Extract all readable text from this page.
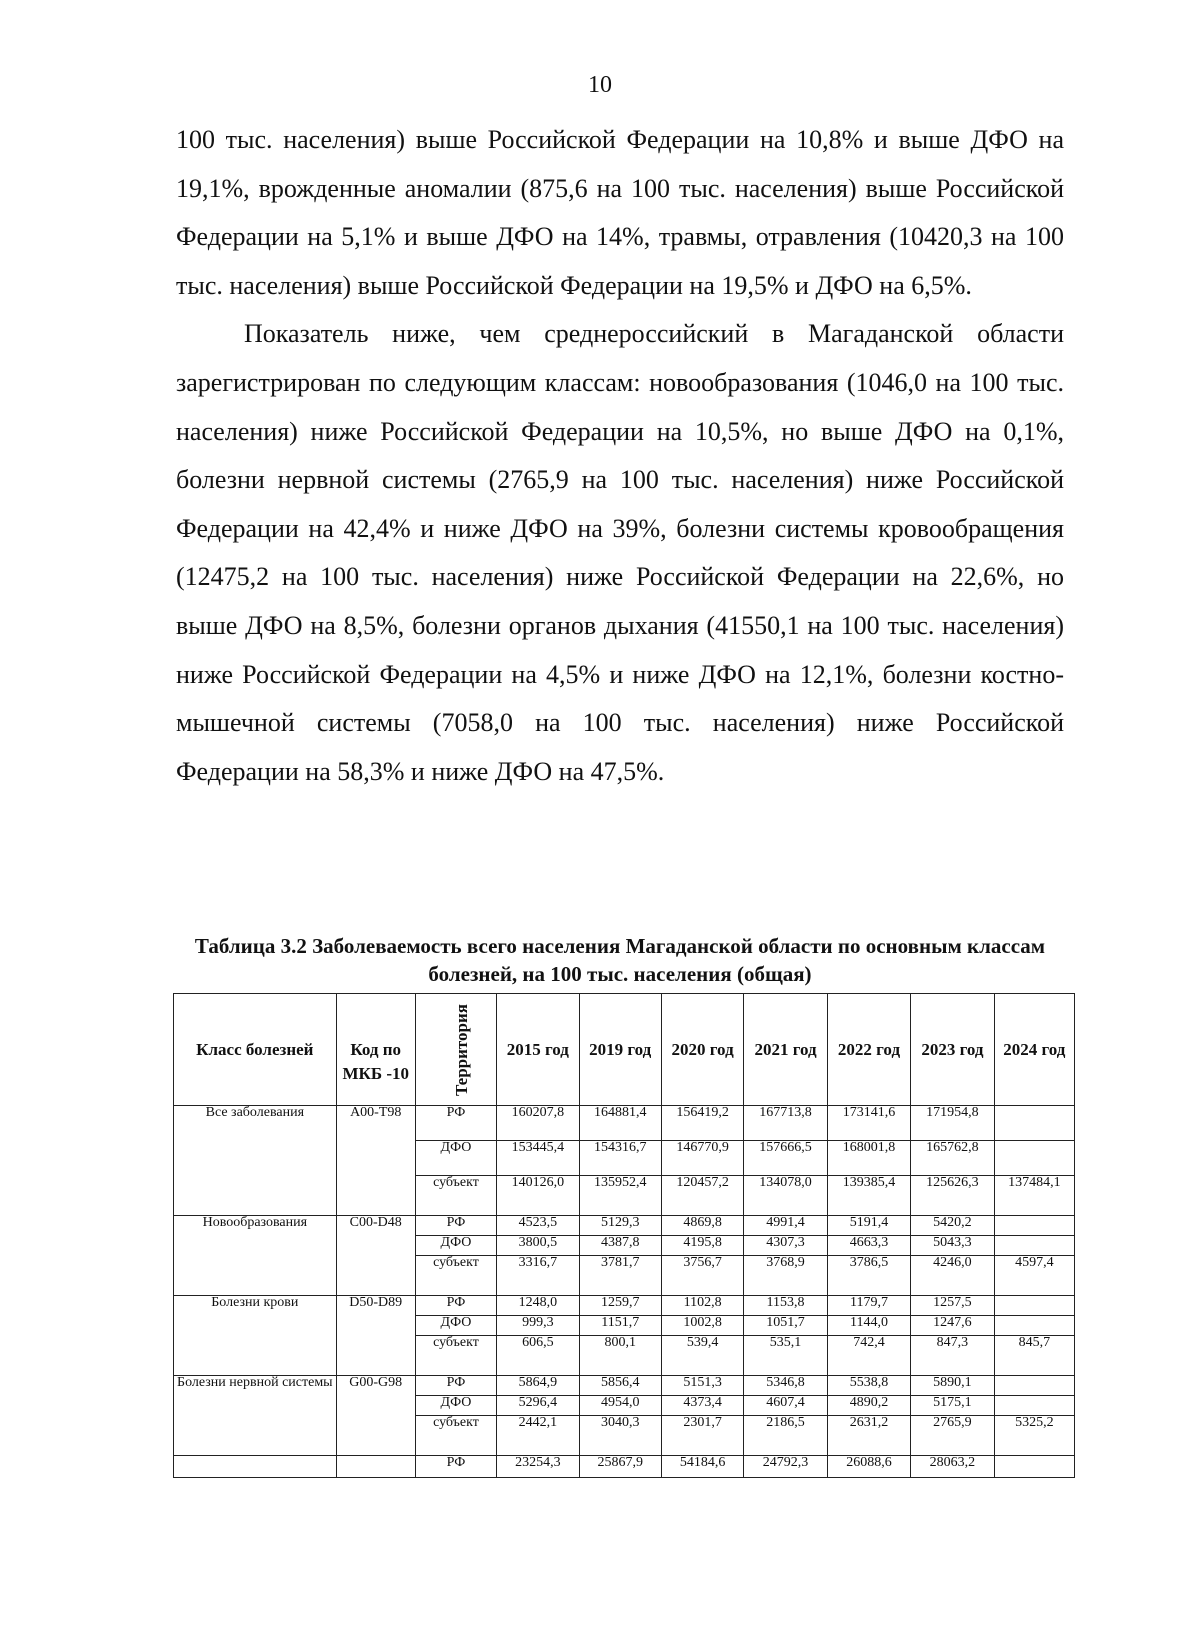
10

100 тыс. населения) выше Российской Федерации на 10,8% и выше ДФО на 19,1%, врожденные аномалии (875,6 на 100 тыс. населения) выше Российской Федерации на 5,1% и выше ДФО на 14%, травмы, отравления (10420,3 на 100 тыс. населения) выше Российской Федерации на 19,5% и ДФО на 6,5%.

Показатель ниже, чем среднероссийский в Магаданской области зарегистрирован по следующим классам: новообразования (1046,0 на 100 тыс. населения) ниже Российской Федерации на 10,5%, но выше ДФО на 0,1%, болезни нервной системы (2765,9 на 100 тыс. населения) ниже Российской Федерации на 42,4% и ниже ДФО на 39%, болезни системы кровообращения (12475,2 на 100 тыс. населения) ниже Российской Федерации на 22,6%, но выше ДФО на 8,5%, болезни органов дыхания (41550,1 на 100 тыс. населения) ниже Российской Федерации на 4,5% и ниже ДФО на 12,1%, болезни костно-мышечной системы (7058,0 на 100 тыс. населения) ниже Российской Федерации на 58,3% и ниже ДФО на 47,5%.

Таблица 3.2 Заболеваемость всего населения Магаданской области по основным классам болезней, на 100 тыс. населения (общая)
Класс болезней	Код по МКБ -10	Территория	2015 год	2019 год	2020 год	2021 год	2022 год	2023 год	2024 год
Все заболевания	А00-Т98	РФ	160207,8	164881,4	156419,2	167713,8	173141,6	171954,8	
		ДФО	153445,4	154316,7	146770,9	157666,5	168001,8	165762,8	
		субъект	140126,0	135952,4	120457,2	134078,0	139385,4	125626,3	137484,1
Новообразования	С00-D48	РФ	4523,5	5129,3	4869,8	4991,4	5191,4	5420,2	
		ДФО	3800,5	4387,8	4195,8	4307,3	4663,3	5043,3	
		субъект	3316,7	3781,7	3756,7	3768,9	3786,5	4246,0	4597,4
Болезни крови	D50-D89	РФ	1248,0	1259,7	1102,8	1153,8	1179,7	1257,5	
		ДФО	999,3	1151,7	1002,8	1051,7	1144,0	1247,6	
		субъект	606,5	800,1	539,4	535,1	742,4	847,3	845,7
Болезни нервной системы	G00-G98	РФ	5864,9	5856,4	5151,3	5346,8	5538,8	5890,1	
		ДФО	5296,4	4954,0	4373,4	4607,4	4890,2	5175,1	
		субъект	2442,1	3040,3	2301,7	2186,5	2631,2	2765,9	5325,2
		РФ	23254,3	25867,9	54184,6	24792,3	26088,6	28063,2	
